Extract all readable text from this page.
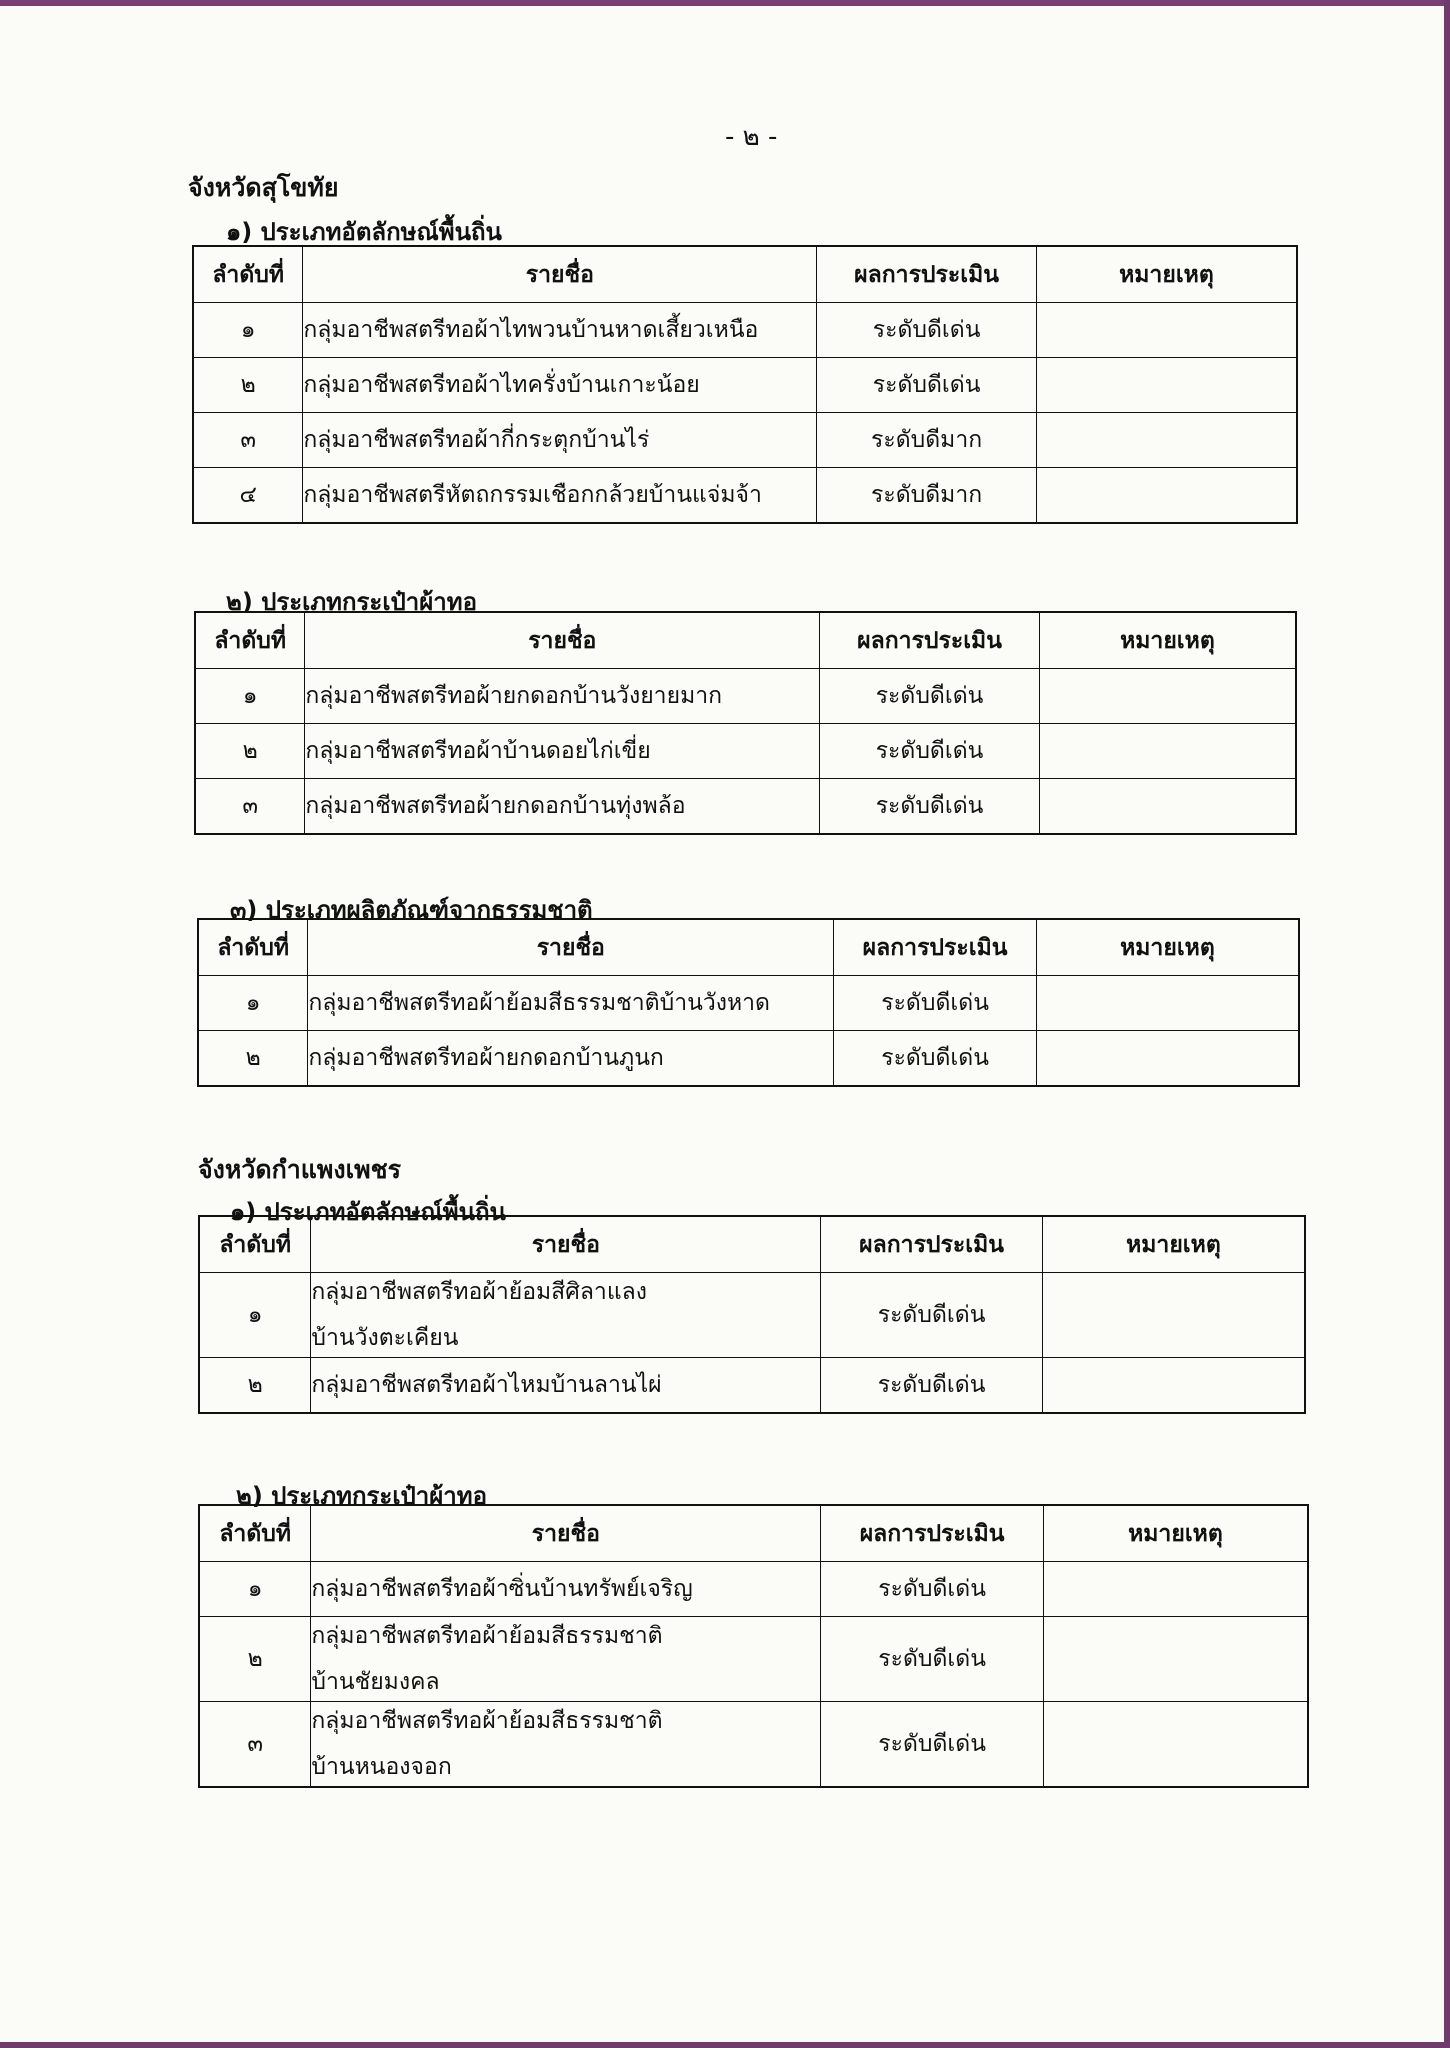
- ๒ -
จังหวัดสุโขทัย
๑) ประเภทอัตลักษณ์พื้นถิ่น
ลำดับที่	รายชื่อ	ผลการประเมิน	หมายเหตุ
๑	กลุ่มอาชีพสตรีทอผ้าไทพวนบ้านหาดเสี้ยวเหนือ	ระดับดีเด่น	
๒	กลุ่มอาชีพสตรีทอผ้าไทครั่งบ้านเกาะน้อย	ระดับดีเด่น	
๓	กลุ่มอาชีพสตรีทอผ้ากี่กระตุกบ้านไร่	ระดับดีมาก	
๔	กลุ่มอาชีพสตรีหัตถกรรมเชือกกล้วยบ้านแจ่มจ้า	ระดับดีมาก	
๒) ประเภทกระเป๋าผ้าทอ
ลำดับที่	รายชื่อ	ผลการประเมิน	หมายเหตุ
๑	กลุ่มอาชีพสตรีทอผ้ายกดอกบ้านวังยายมาก	ระดับดีเด่น	
๒	กลุ่มอาชีพสตรีทอผ้าบ้านดอยไก่เขี่ย	ระดับดีเด่น	
๓	กลุ่มอาชีพสตรีทอผ้ายกดอกบ้านทุ่งพล้อ	ระดับดีเด่น	
๓) ประเภทผลิตภัณฑ์จากธรรมชาติ
ลำดับที่	รายชื่อ	ผลการประเมิน	หมายเหตุ
๑	กลุ่มอาชีพสตรีทอผ้าย้อมสีธรรมชาติบ้านวังหาด	ระดับดีเด่น	
๒	กลุ่มอาชีพสตรีทอผ้ายกดอกบ้านภูนก	ระดับดีเด่น	
จังหวัดกำแพงเพชร
๑) ประเภทอัตลักษณ์พื้นถิ่น
ลำดับที่	รายชื่อ	ผลการประเมิน	หมายเหตุ
๑	กลุ่มอาชีพสตรีทอผ้าย้อมสีศิลาแลง
บ้านวังตะเคียน	ระดับดีเด่น	
๒	กลุ่มอาชีพสตรีทอผ้าไหมบ้านลานไผ่	ระดับดีเด่น	
๒) ประเภทกระเป๋าผ้าทอ
ลำดับที่	รายชื่อ	ผลการประเมิน	หมายเหตุ
๑	กลุ่มอาชีพสตรีทอผ้าซิ่นบ้านทรัพย์เจริญ	ระดับดีเด่น	
๒	กลุ่มอาชีพสตรีทอผ้าย้อมสีธรรมชาติ
บ้านชัยมงคล	ระดับดีเด่น	
๓	กลุ่มอาชีพสตรีทอผ้าย้อมสีธรรมชาติ
บ้านหนองจอก	ระดับดีเด่น	
